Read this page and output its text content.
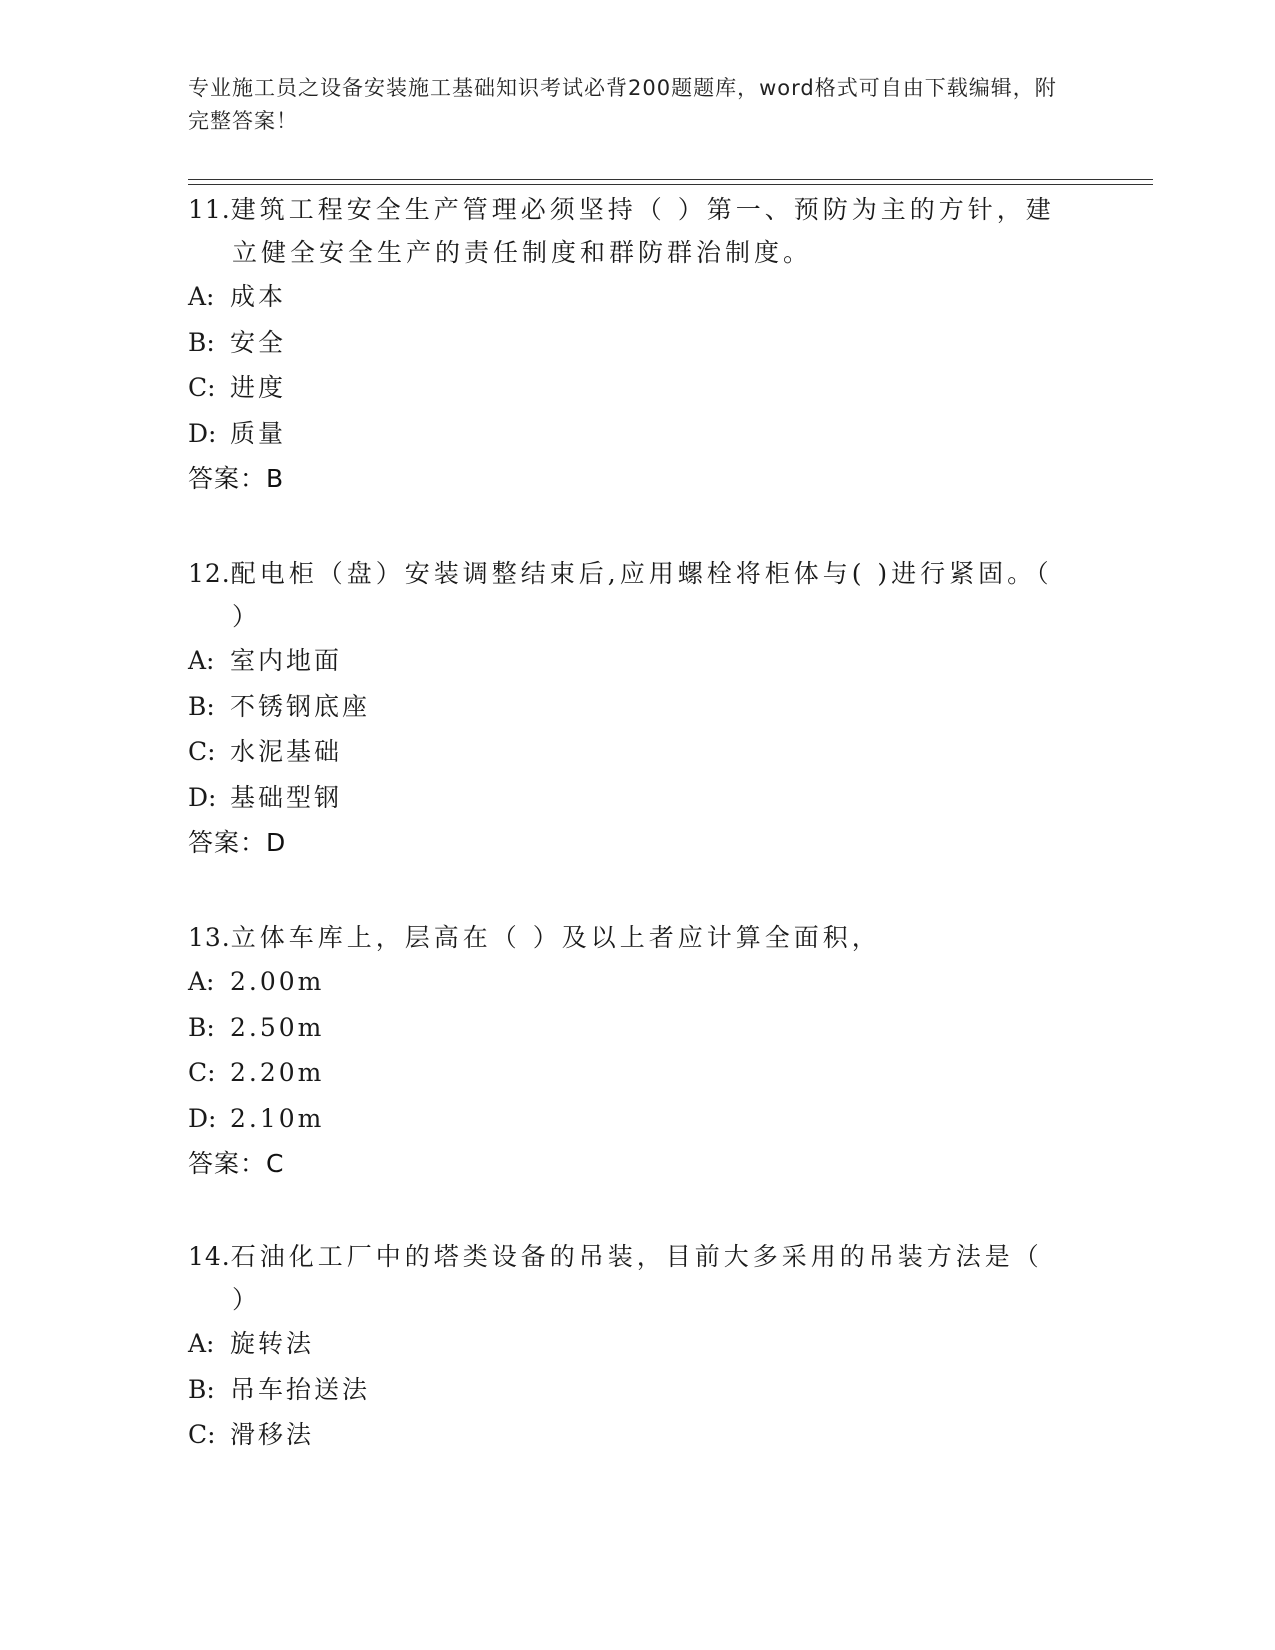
专业施工员之设备安装施工基础知识考试必背200题题库，word格式可自由下载编辑，附完整答案！

11.建筑工程安全生产管理必须坚持（ ）第一、预防为主的方针，建立健全安全生产的责任制度和群防群治制度。

A: 成本

B: 安全

C: 进度

D: 质量

答案：B

12.配电柜（盘）安装调整结束后,应用螺栓将柜体与( )进行紧固。（ ）

A: 室内地面

B: 不锈钢底座

C: 水泥基础

D: 基础型钢

答案：D

13.立体车库上，层高在（ ）及以上者应计算全面积，

A: 2.00m

B: 2.50m

C: 2.20m

D: 2.10m

答案：C

14.石油化工厂中的塔类设备的吊装，目前大多采用的吊装方法是（ ）

A: 旋转法

B: 吊车抬送法

C: 滑移法
